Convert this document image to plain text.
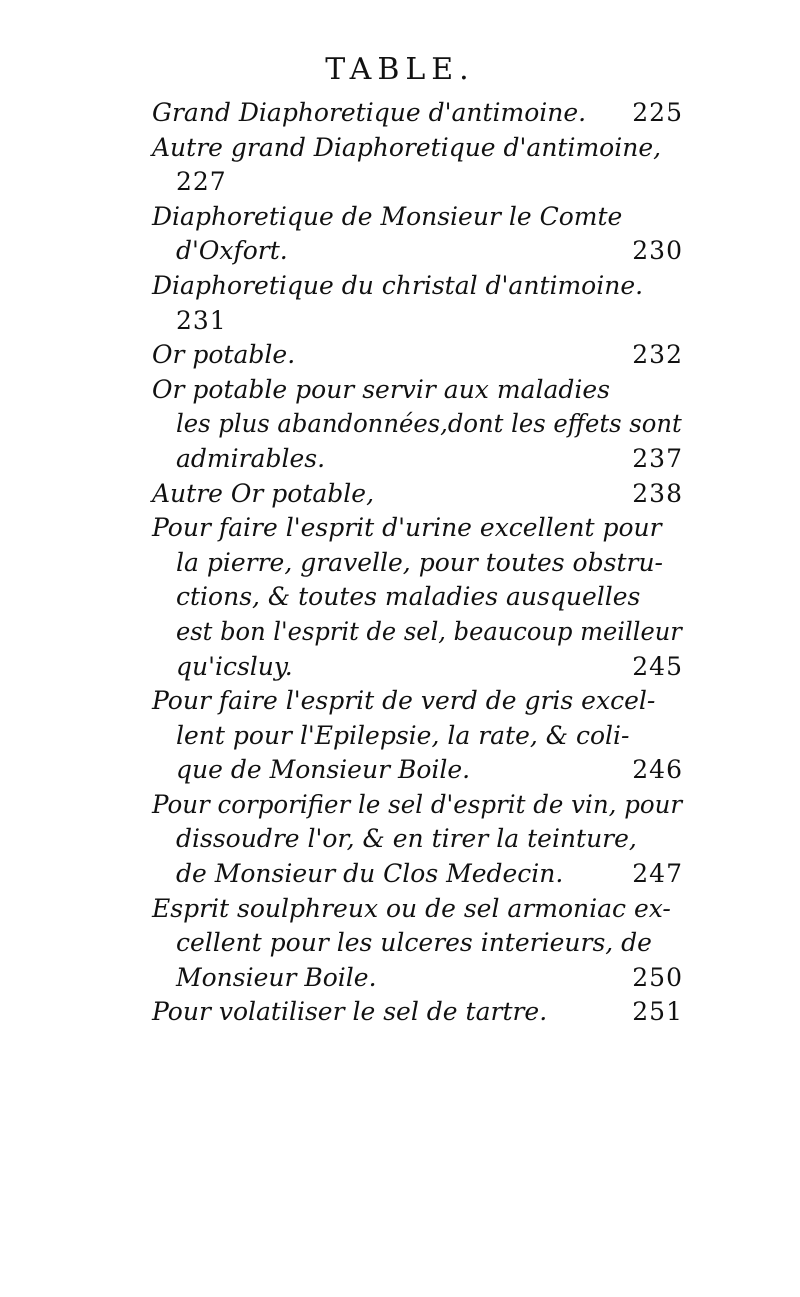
TABLE.
Grand Diaphoretique d'antimoine. 225
Autre grand Diaphoretique d'antimoine,
227
Diaphoretique de Monsieur le Comte
d'Oxfort.	230
Diaphoretique du christal d'antimoine.
231
Or potable.	232
Or potable pour servir aux maladies
les plus abandonnées,dont les effets sont
admirables.	237
Autre Or potable,	238
Pour faire l'esprit d'urine excellent pour
la pierre, gravelle, pour toutes obstru-
ctions, & toutes maladies ausquelles
est bon l'esprit de sel, beaucoup meilleur
qu'icsluy.	245
Pour faire l'esprit de verd de gris excel-
lent pour l'Epilepsie, la rate, & coli-
que de Monsieur Boile.	246
Pour corporifier le sel d'esprit de vin, pour
dissoudre l'or, & en tirer la teinture,
de Monsieur du Clos Medecin.	247
Esprit soulphreux ou de sel armoniac ex-
cellent pour les ulceres interieurs, de
Monsieur Boile.	250
Pour volatiliser le sel de tartre.	251
